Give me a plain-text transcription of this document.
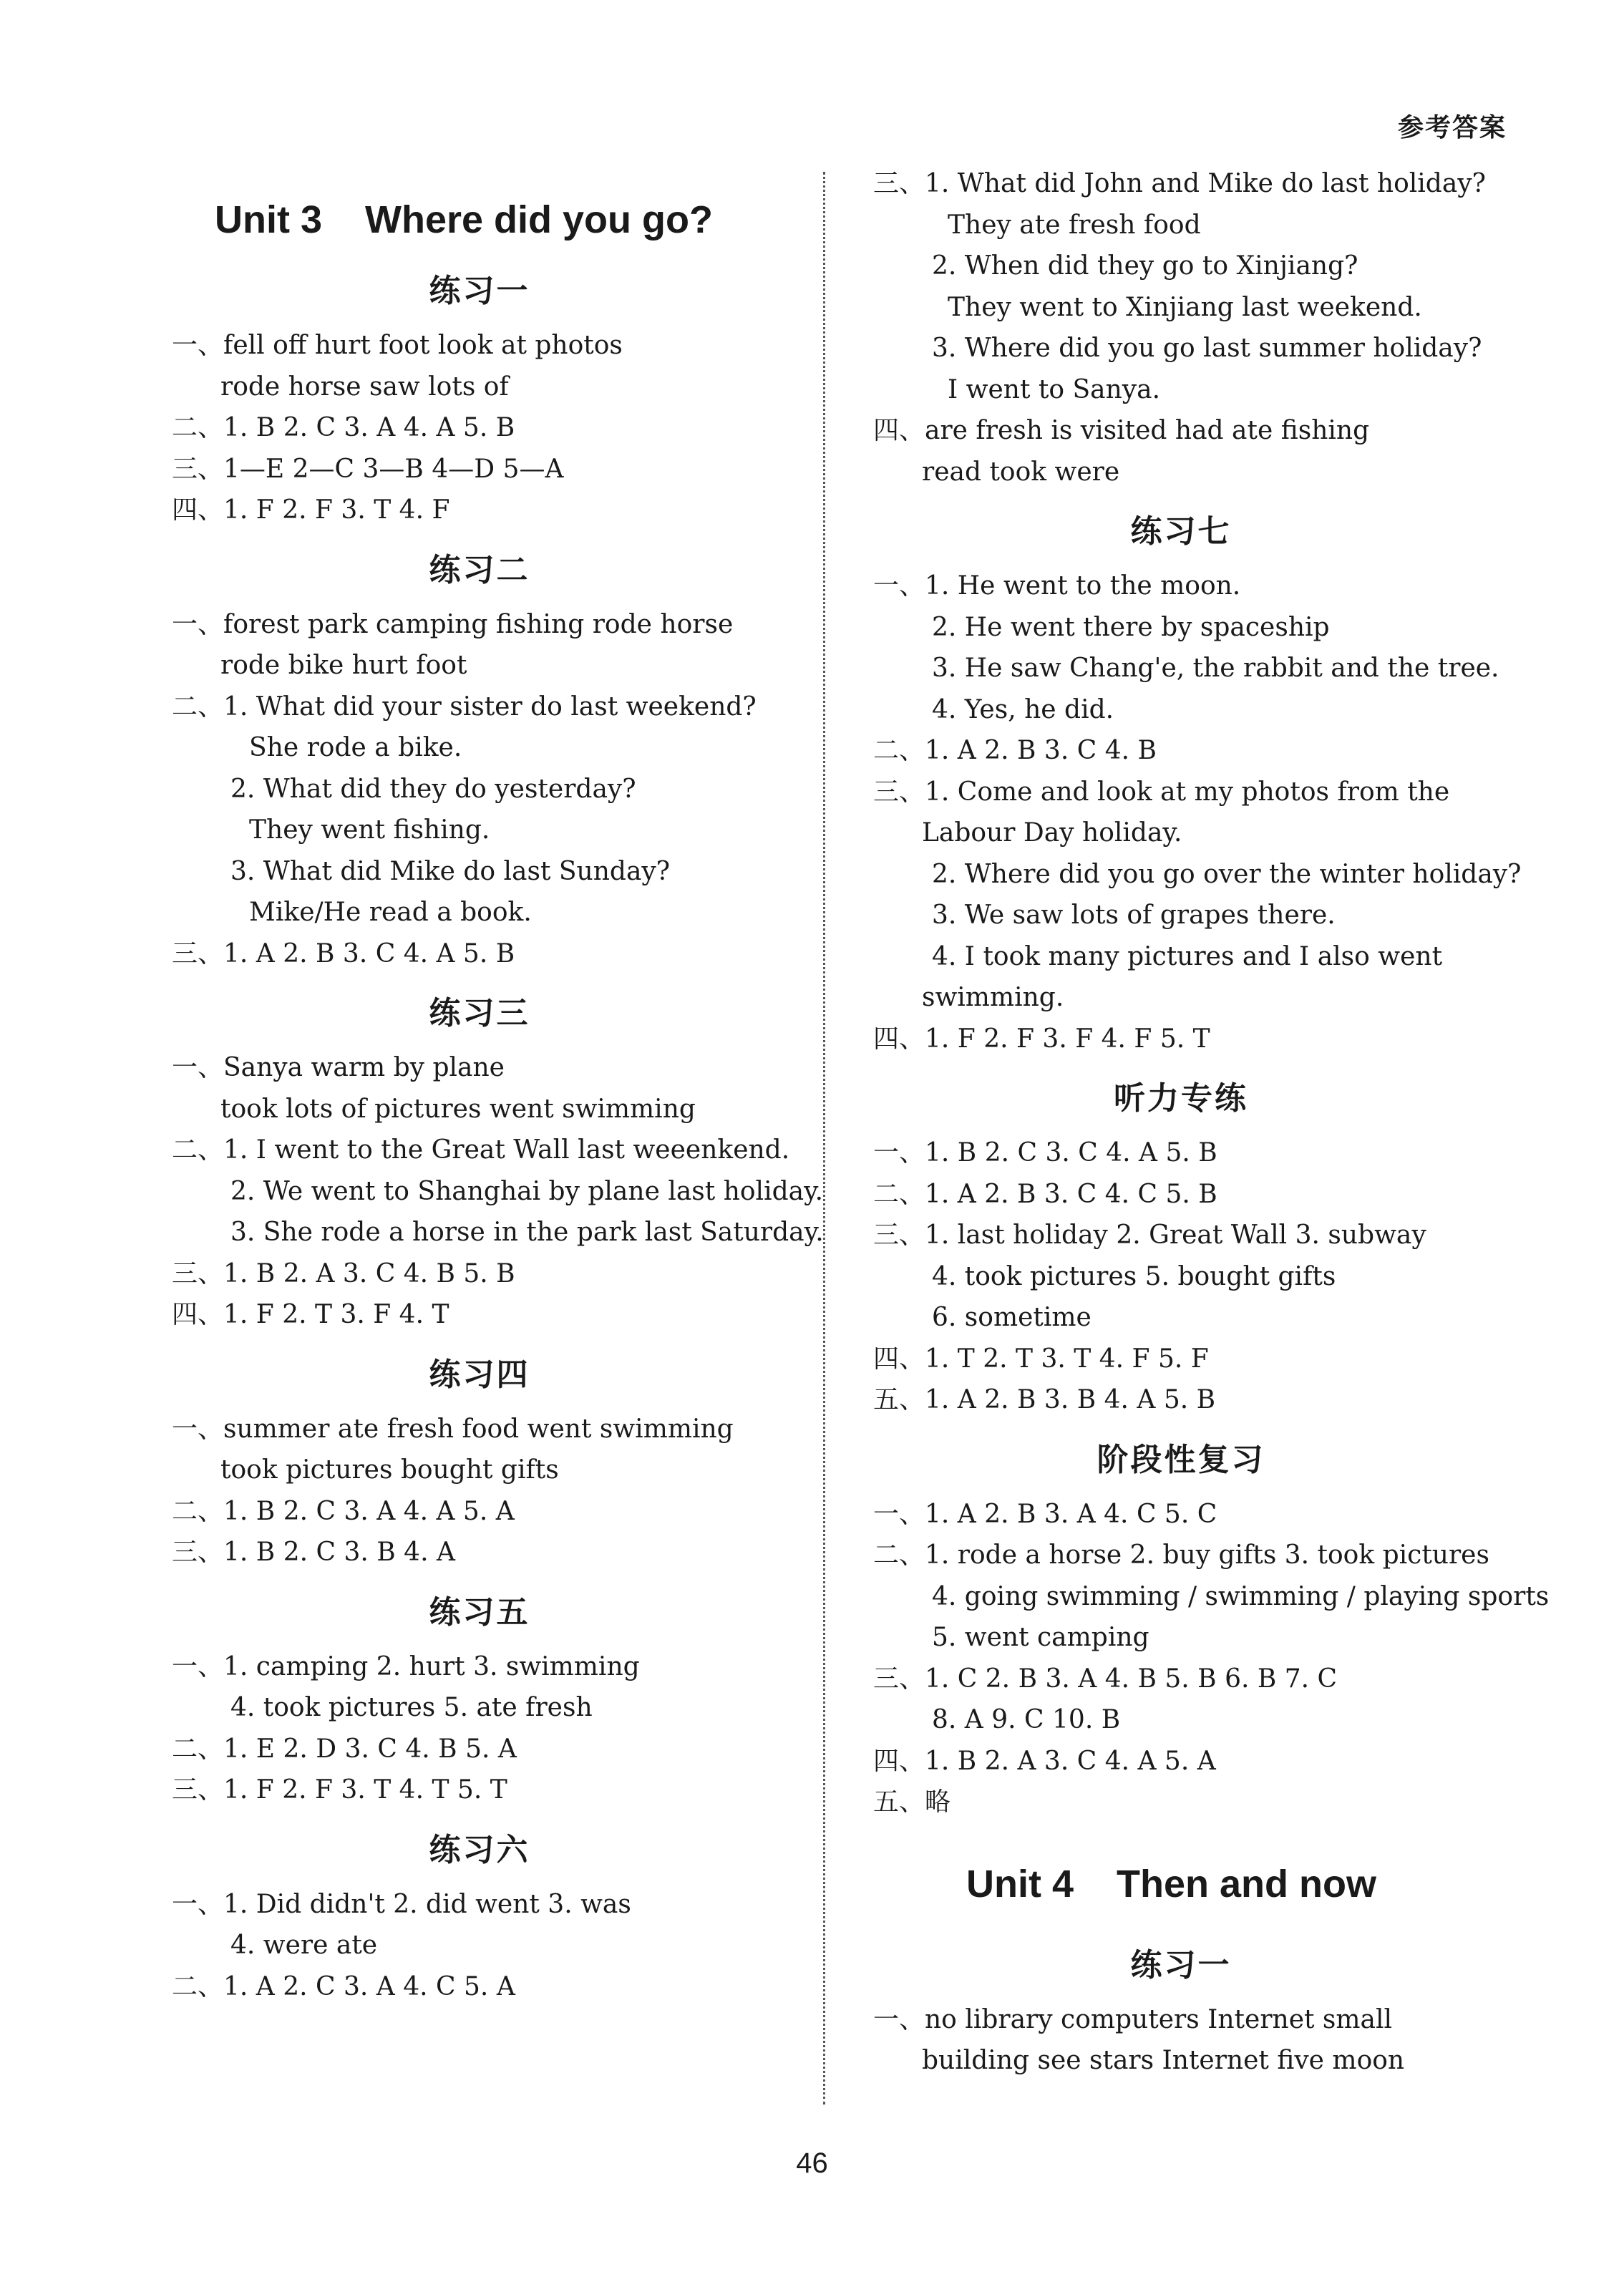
参考答案
Unit 3 Where did you go?
练习一
一、fell off hurt foot look at photos
rode horse saw lots of
二、1. B 2. C 3. A 4. A 5. B
三、1—E 2—C 3—B 4—D 5—A
四、1. F 2. F 3. T 4. F
练习二
一、forest park camping fishing rode horse
rode bike hurt foot
二、1. What did your sister do last weekend?
She rode a bike.
2. What did they do yesterday?
They went fishing.
3. What did Mike do last Sunday?
Mike/He read a book.
三、1. A 2. B 3. C 4. A 5. B
练习三
一、Sanya warm by plane
took lots of pictures went swimming
二、1. I went to the Great Wall last weeenkend.
2. We went to Shanghai by plane last holiday.
3. She rode a horse in the park last Saturday.
三、1. B 2. A 3. C 4. B 5. B
四、1. F 2. T 3. F 4. T
练习四
一、summer ate fresh food went swimming
took pictures bought gifts
二、1. B 2. C 3. A 4. A 5. A
三、1. B 2. C 3. B 4. A
练习五
一、1. camping 2. hurt 3. swimming
4. took pictures 5. ate fresh
二、1. E 2. D 3. C 4. B 5. A
三、1. F 2. F 3. T 4. T 5. T
练习六
一、1. Did didn't 2. did went 3. was
4. were ate
二、1. A 2. C 3. A 4. C 5. A
三、1. What did John and Mike do last holiday?
They ate fresh food
2. When did they go to Xinjiang?
They went to Xinjiang last weekend.
3. Where did you go last summer holiday?
I went to Sanya.
四、are fresh is visited had ate fishing
read took were
练习七
一、1. He went to the moon.
2. He went there by spaceship
3. He saw Chang'e, the rabbit and the tree.
4. Yes, he did.
二、1. A 2. B 3. C 4. B
三、1. Come and look at my photos from the
Labour Day holiday.
2. Where did you go over the winter holiday?
3. We saw lots of grapes there.
4. I took many pictures and I also went
swimming.
四、1. F 2. F 3. F 4. F 5. T
听力专练
一、1. B 2. C 3. C 4. A 5. B
二、1. A 2. B 3. C 4. C 5. B
三、1. last holiday 2. Great Wall 3. subway
4. took pictures 5. bought gifts
6. sometime
四、1. T 2. T 3. T 4. F 5. F
五、1. A 2. B 3. B 4. A 5. B
阶段性复习
一、1. A 2. B 3. A 4. C 5. C
二、1. rode a horse 2. buy gifts 3. took pictures
4. going swimming / swimming / playing sports
5. went camping
三、1. C 2. B 3. A 4. B 5. B 6. B 7. C
8. A 9. C 10. B
四、1. B 2. A 3. C 4. A 5. A
五、略
Unit 4 Then and now
练习一
一、no library computers Internet small
building see stars Internet five moon
46
